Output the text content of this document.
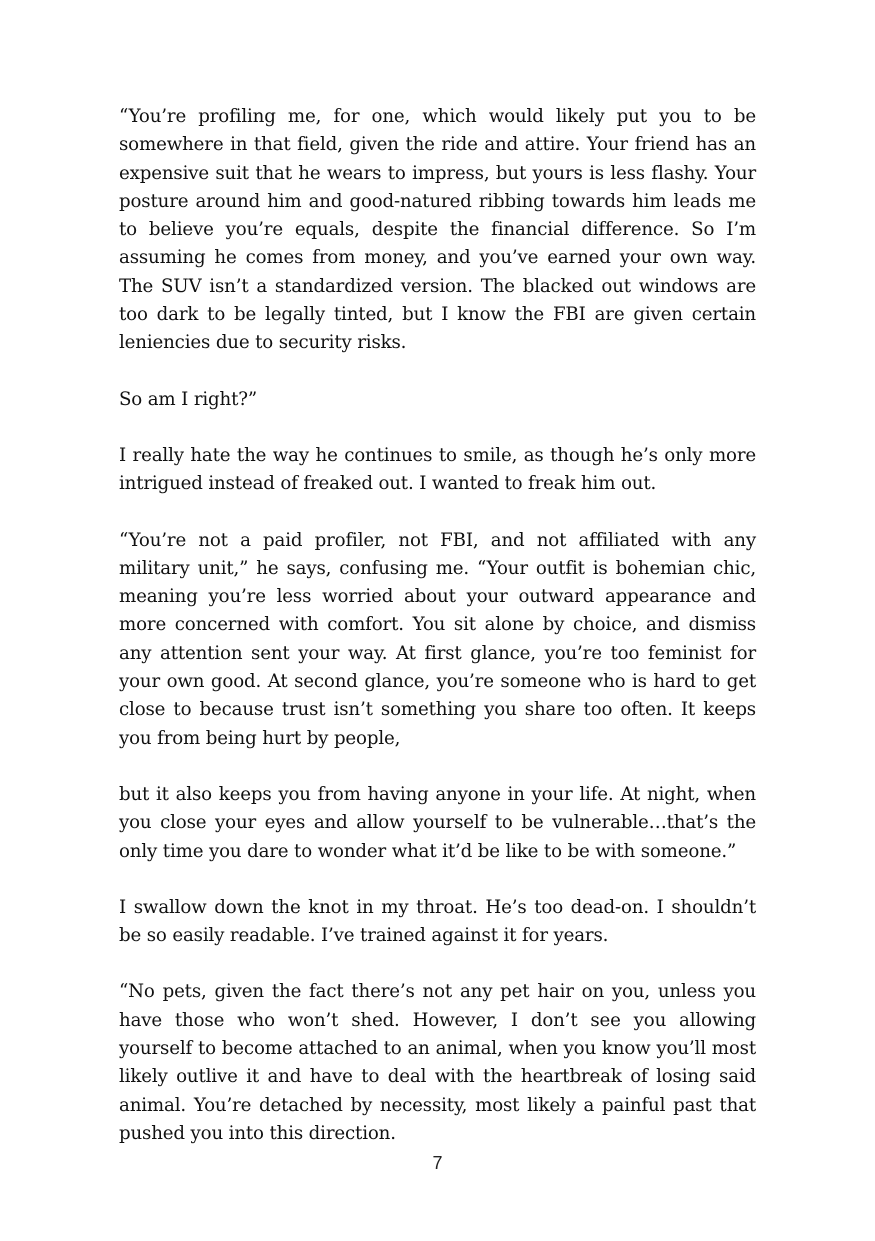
“You’re profiling me, for one, which would likely put you to be somewhere in that field, given the ride and attire. Your friend has an expensive suit that he wears to impress, but yours is less flashy. Your posture around him and good-natured ribbing towards him leads me to believe you’re equals, despite the financial difference. So I’m assuming he comes from money, and you’ve earned your own way. The SUV isn’t a standardized version. The blacked out windows are too dark to be legally tinted, but I know the FBI are given certain leniencies due to security risks.

So am I right?”

I really hate the way he continues to smile, as though he’s only more intrigued instead of freaked out. I wanted to freak him out.

“You’re not a paid profiler, not FBI, and not affiliated with any military unit,” he says, confusing me. “Your outfit is bohemian chic, meaning you’re less worried about your outward appearance and more concerned with comfort. You sit alone by choice, and dismiss any attention sent your way. At first glance, you’re too feminist for your own good. At second glance, you’re someone who is hard to get close to because trust isn’t something you share too often. It keeps you from being hurt by people,

but it also keeps you from having anyone in your life. At night, when you close your eyes and allow yourself to be vulnerable…that’s the only time you dare to wonder what it’d be like to be with someone.”

I swallow down the knot in my throat. He’s too dead-on. I shouldn’t be so easily readable. I’ve trained against it for years.

“No pets, given the fact there’s not any pet hair on you, unless you have those who won’t shed. However, I don’t see you allowing yourself to become attached to an animal, when you know you’ll most likely outlive it and have to deal with the heartbreak of losing said animal. You’re detached by necessity, most likely a painful past that pushed you into this direction.

7
